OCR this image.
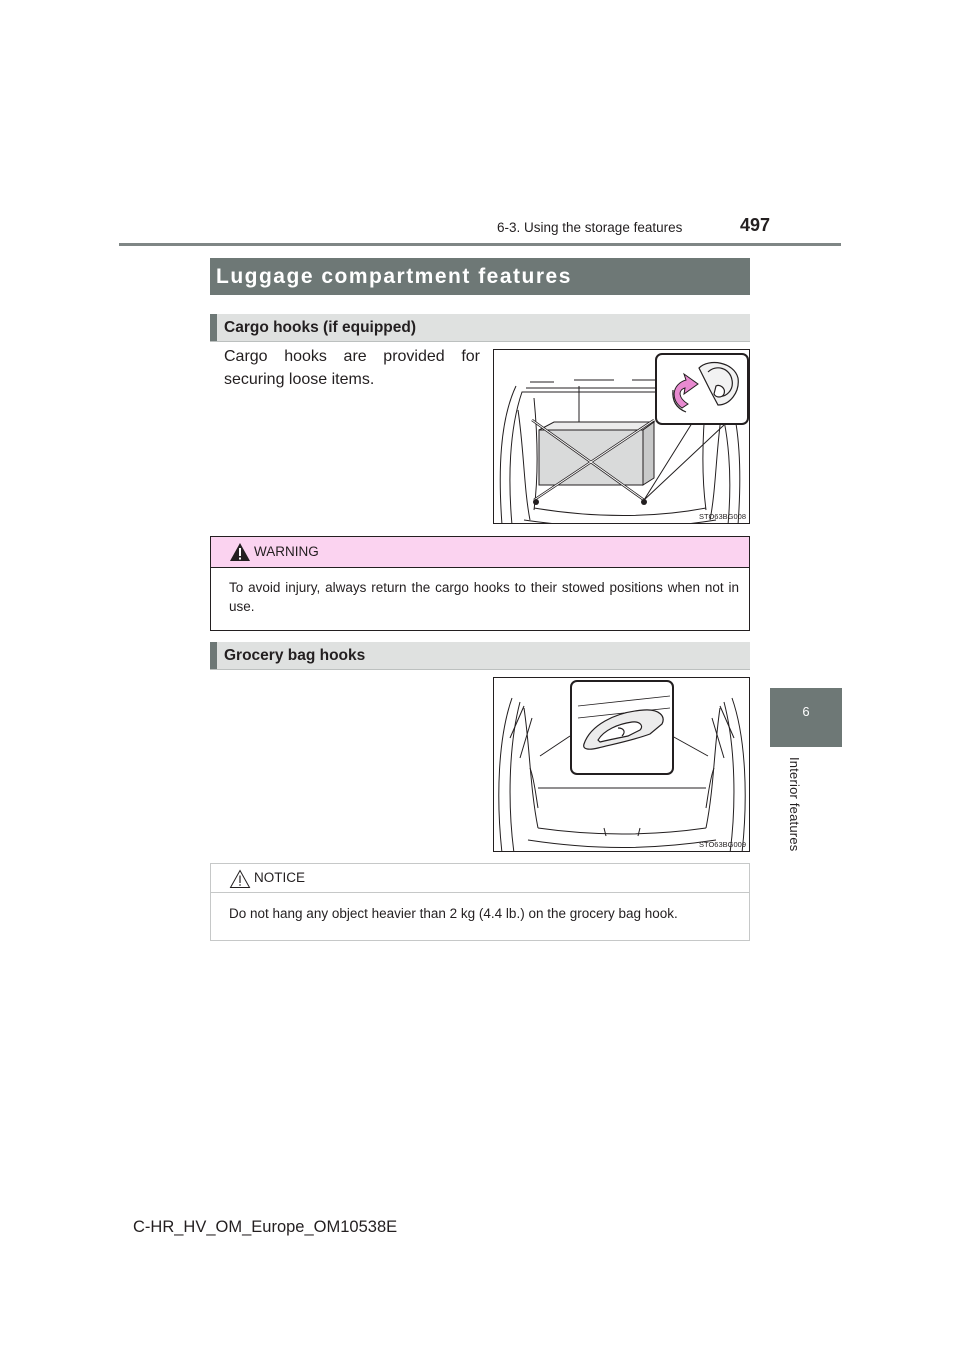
6-3. Using the storage features	497
6
Interior features
Luggage compartment features
Cargo hooks (if equipped)
Cargo hooks are provided for securing loose items.
STO63BG008
WARNING
To avoid injury, always return the cargo hooks to their stowed positions when not in use.
Grocery bag hooks
STO63BG009
NOTICE
Do not hang any object heavier than 2 kg (4.4 lb.) on the grocery bag hook.
C-HR_HV_OM_Europe_OM10538E
